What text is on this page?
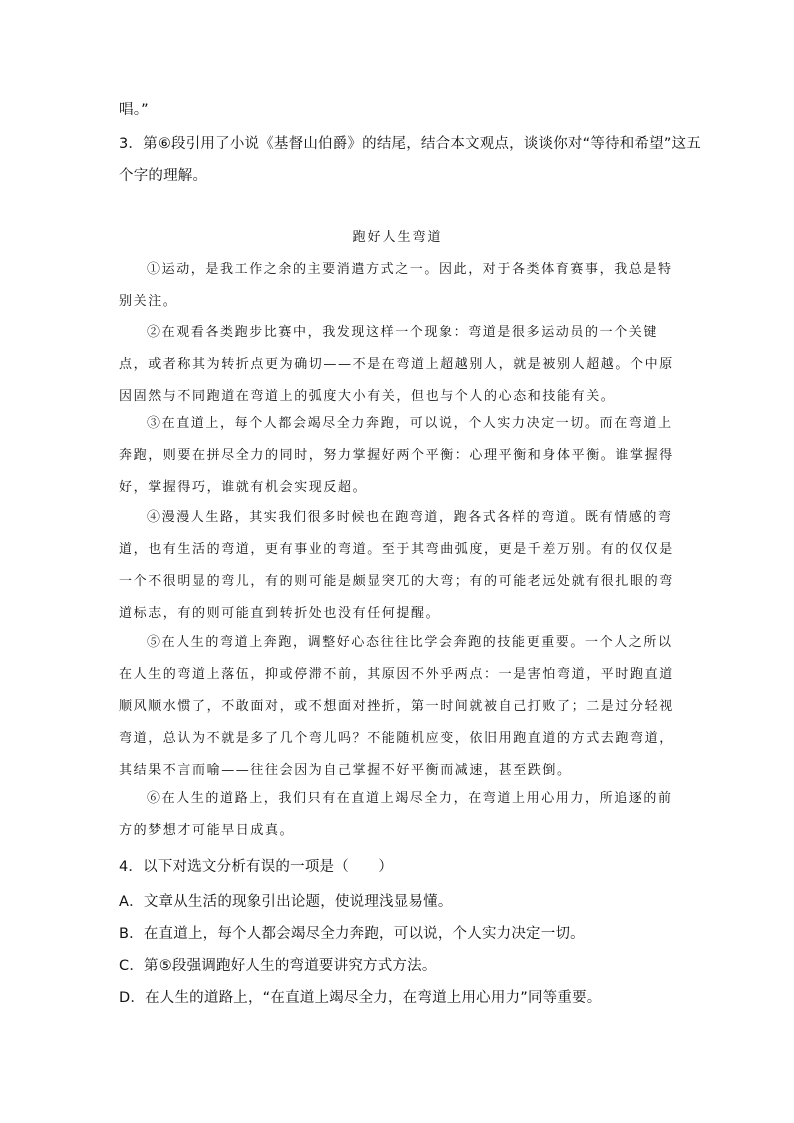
唱。”
3．第⑥段引用了小说《基督山伯爵》的结尾，结合本文观点，谈谈你对“等待和希望”这五
个字的理解。
跑好人生弯道

①运动，是我工作之余的主要消遣方式之一。因此，对于各类体育赛事，我总是特别关注。

②在观看各类跑步比赛中，我发现这样一个现象：弯道是很多运动员的一个关键点，或者称其为转折点更为确切——不是在弯道上超越别人，就是被别人超越。个中原因固然与不同跑道在弯道上的弧度大小有关，但也与个人的心态和技能有关。

③在直道上，每个人都会竭尽全力奔跑，可以说，个人实力决定一切。而在弯道上奔跑，则要在拼尽全力的同时，努力掌握好两个平衡：心理平衡和身体平衡。谁掌握得好，掌握得巧，谁就有机会实现反超。

④漫漫人生路，其实我们很多时候也在跑弯道，跑各式各样的弯道。既有情感的弯道，也有生活的弯道，更有事业的弯道。至于其弯曲弧度，更是千差万别。有的仅仅是一个不很明显的弯儿，有的则可能是颇显突兀的大弯；有的可能老远处就有很扎眼的弯道标志，有的则可能直到转折处也没有任何提醒。

⑤在人生的弯道上奔跑，调整好心态往往比学会奔跑的技能更重要。一个人之所以在人生的弯道上落伍，抑或停滞不前，其原因不外乎两点：一是害怕弯道，平时跑直道顺风顺水惯了，不敢面对，或不想面对挫折，第一时间就被自己打败了；二是过分轻视弯道，总认为不就是多了几个弯儿吗？不能随机应变，依旧用跑直道的方式去跑弯道，其结果不言而喻——往往会因为自己掌握不好平衡而减速，甚至跌倒。

⑥在人生的道路上，我们只有在直道上竭尽全力，在弯道上用心用力，所追逐的前方的梦想才可能早日成真。

4．以下对选文分析有误的一项是（　　）
A．文章从生活的现象引出论题，使说理浅显易懂。
B．在直道上，每个人都会竭尽全力奔跑，可以说，个人实力决定一切。
C．第⑤段强调跑好人生的弯道要讲究方式方法。
D．在人生的道路上，“在直道上竭尽全力，在弯道上用心用力”同等重要。
